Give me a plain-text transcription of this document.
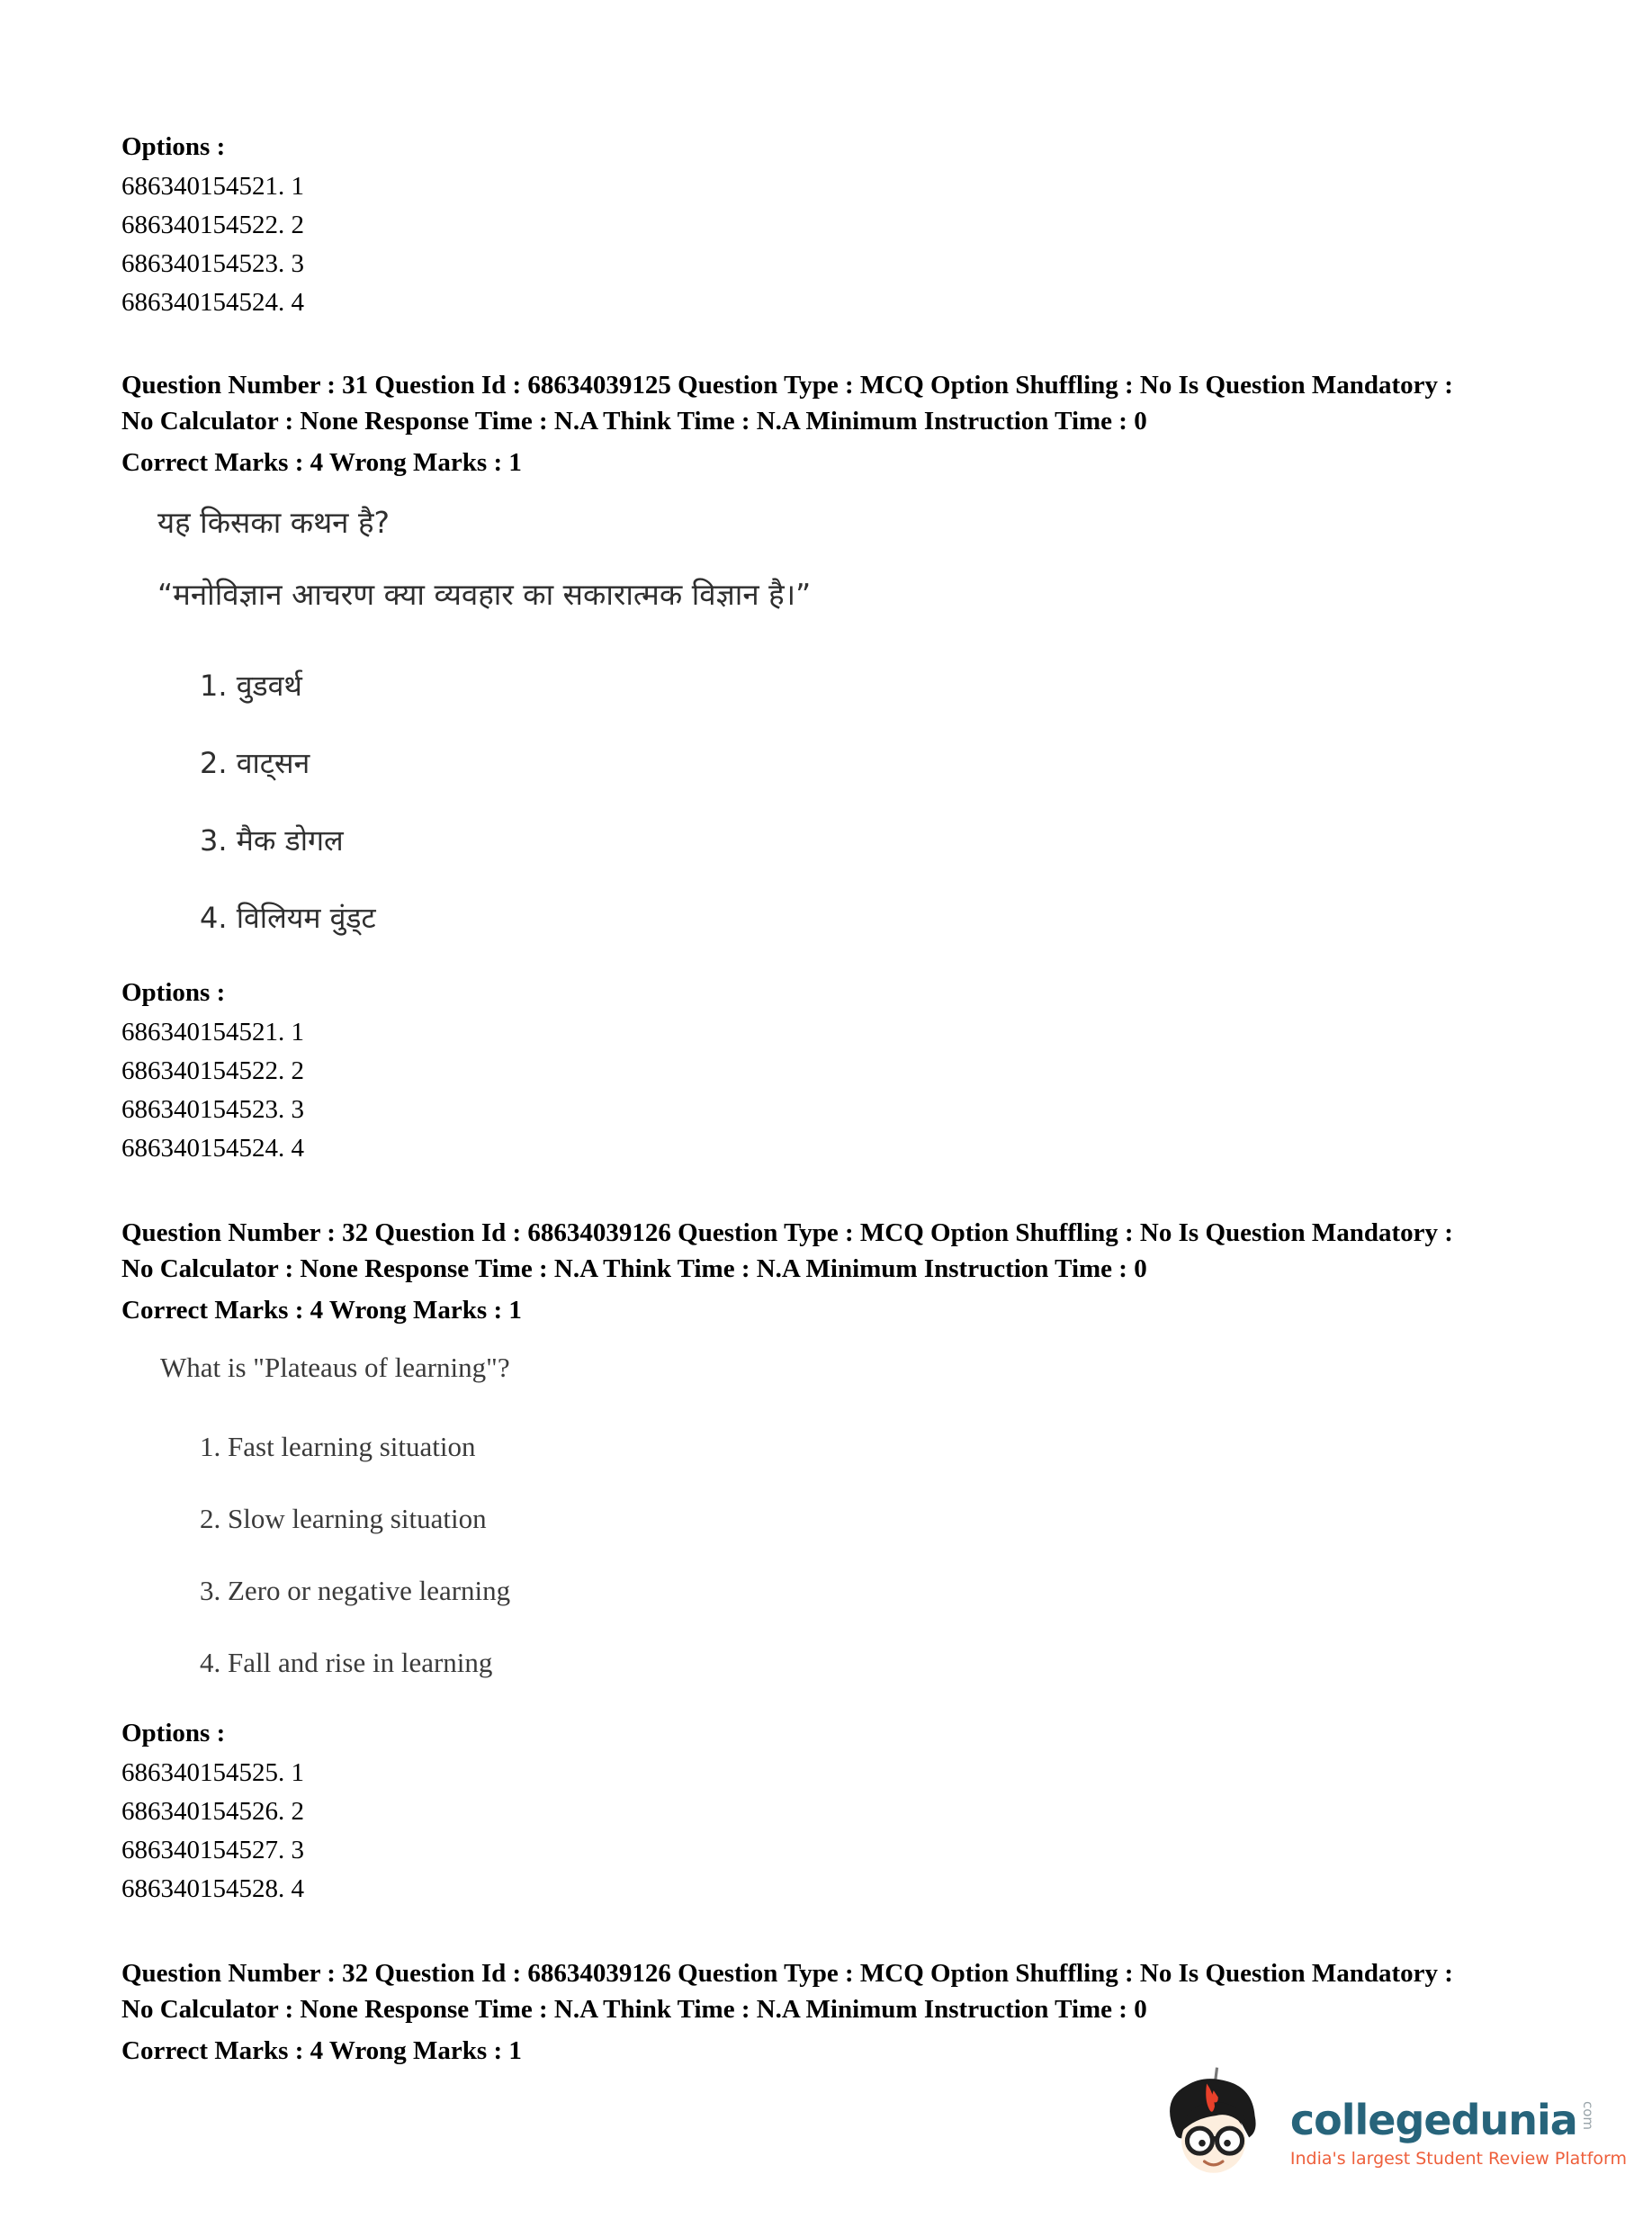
Options :
686340154521. 1
686340154522. 2
686340154523. 3
686340154524. 4
Question Number : 31 Question Id : 68634039125 Question Type : MCQ Option Shuffling : No Is Question Mandatory :
No Calculator : None Response Time : N.A Think Time : N.A Minimum Instruction Time : 0
Correct Marks : 4 Wrong Marks : 1
यह किसका कथन है?
“मनोविज्ञान आचरण क्या व्यवहार का सकारात्मक विज्ञान है।”
1. वुडवर्थ
2. वाट्सन
3. मैक डोगल
4. विलियम वुंड्ट
Options :
686340154521. 1
686340154522. 2
686340154523. 3
686340154524. 4
Question Number : 32 Question Id : 68634039126 Question Type : MCQ Option Shuffling : No Is Question Mandatory :
No Calculator : None Response Time : N.A Think Time : N.A Minimum Instruction Time : 0
Correct Marks : 4 Wrong Marks : 1
What is "Plateaus of learning"?
1. Fast learning situation
2. Slow learning situation
3. Zero or negative learning
4. Fall and rise in learning
Options :
686340154525. 1
686340154526. 2
686340154527. 3
686340154528. 4
Question Number : 32 Question Id : 68634039126 Question Type : MCQ Option Shuffling : No Is Question Mandatory :
No Calculator : None Response Time : N.A Think Time : N.A Minimum Instruction Time : 0
Correct Marks : 4 Wrong Marks : 1
collegedunia com
India's largest Student Review Platform
